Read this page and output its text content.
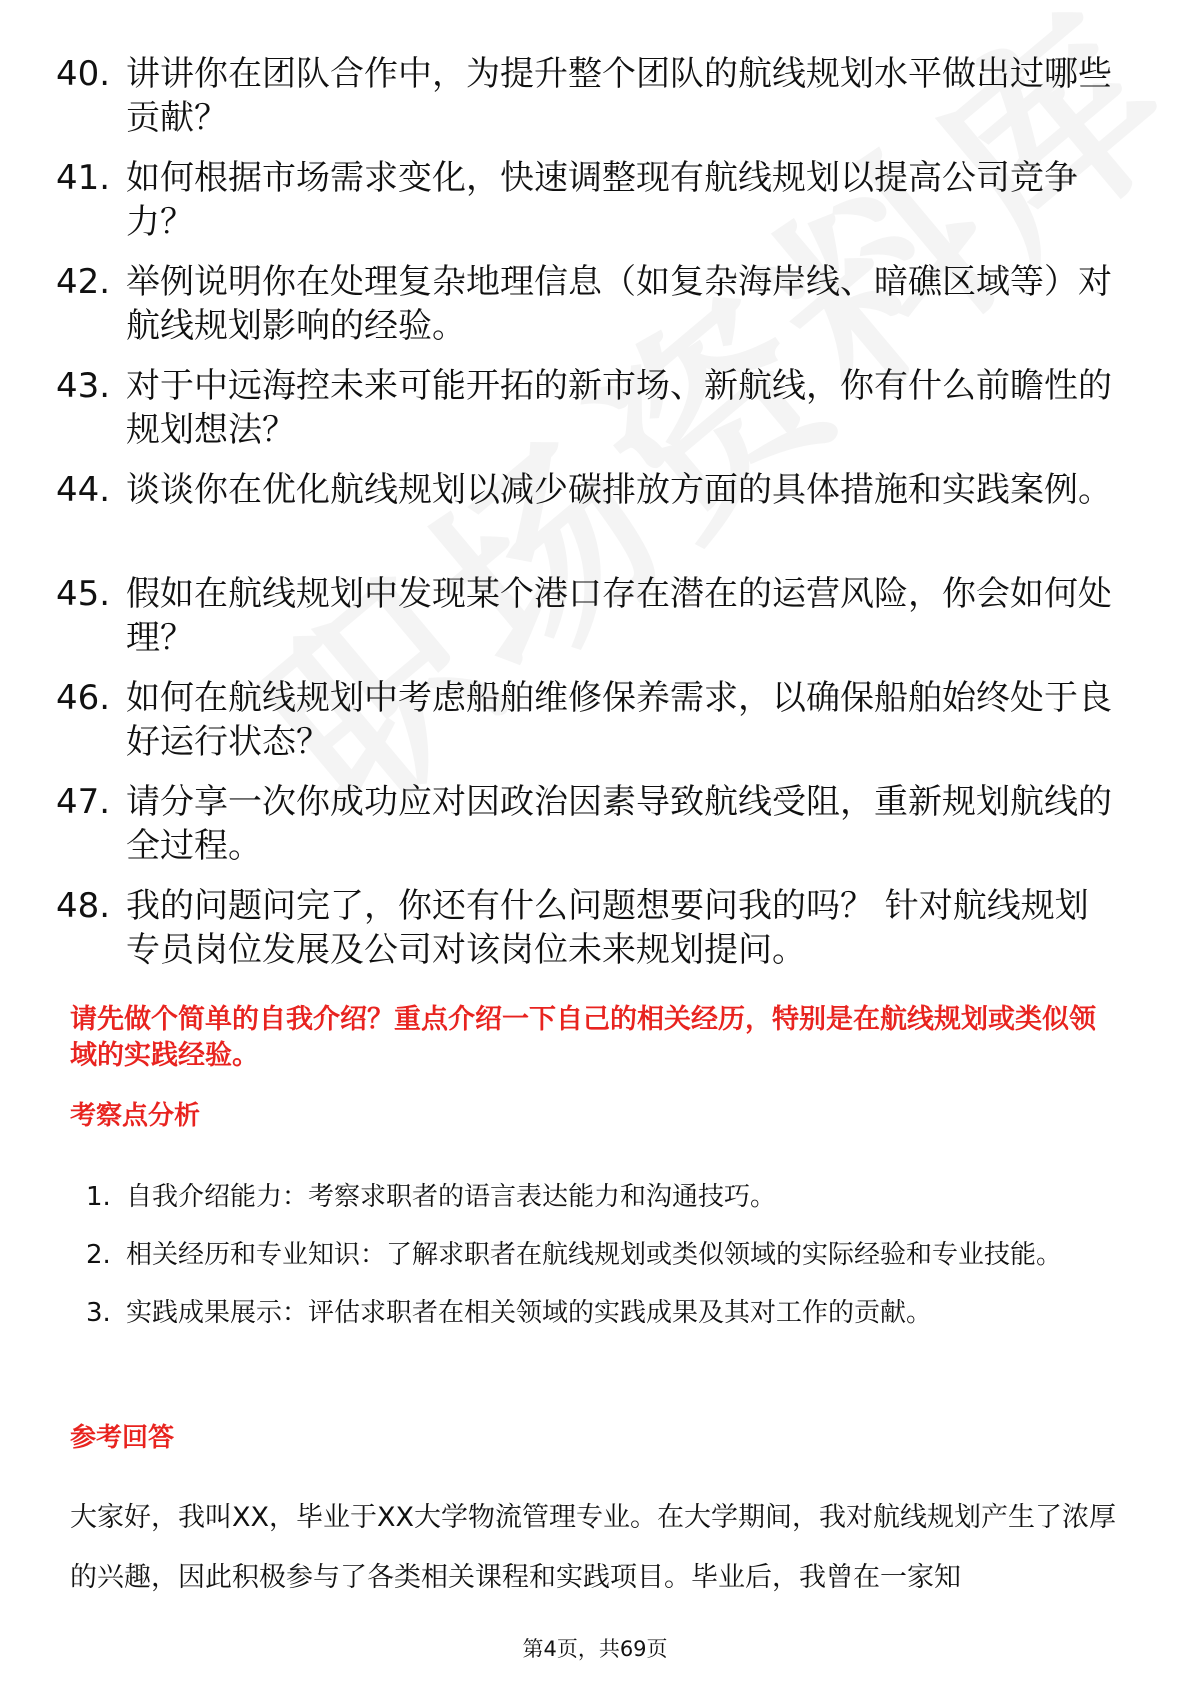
40. 讲讲你在团队合作中，为提升整个团队的航线规划水平做出过哪些贡献？
41. 如何根据市场需求变化，快速调整现有航线规划以提高公司竞争力？
42. 举例说明你在处理复杂地理信息（如复杂海岸线、暗礁区域等）对航线规划影响的经验。
43. 对于中远海控未来可能开拓的新市场、新航线，你有什么前瞻性的规划想法？
44. 谈谈你在优化航线规划以减少碳排放方面的具体措施和实践案例。
45. 假如在航线规划中发现某个港口存在潜在的运营风险，你会如何处理？
46. 如何在航线规划中考虑船舶维修保养需求，以确保船舶始终处于良好运行状态？
47. 请分享一次你成功应对因政治因素导致航线受阻，重新规划航线的全过程。
48. 我的问题问完了，你还有什么问题想要问我的吗？ 针对航线规划专员岗位发展及公司对该岗位未来规划提问。
请先做个简单的自我介绍？重点介绍一下自己的相关经历，特别是在航线规划或类似领域的实践经验。
考察点分析
1. 自我介绍能力：考察求职者的语言表达能力和沟通技巧。
2. 相关经历和专业知识：了解求职者在航线规划或类似领域的实际经验和专业技能。
3. 实践成果展示：评估求职者在相关领域的实践成果及其对工作的贡献。
参考回答
大家好，我叫XX，毕业于XX大学物流管理专业。在大学期间，我对航线规划产生了浓厚的兴趣，因此积极参与了各类相关课程和实践项目。毕业后，我曾在一家知
第4页，共69页
